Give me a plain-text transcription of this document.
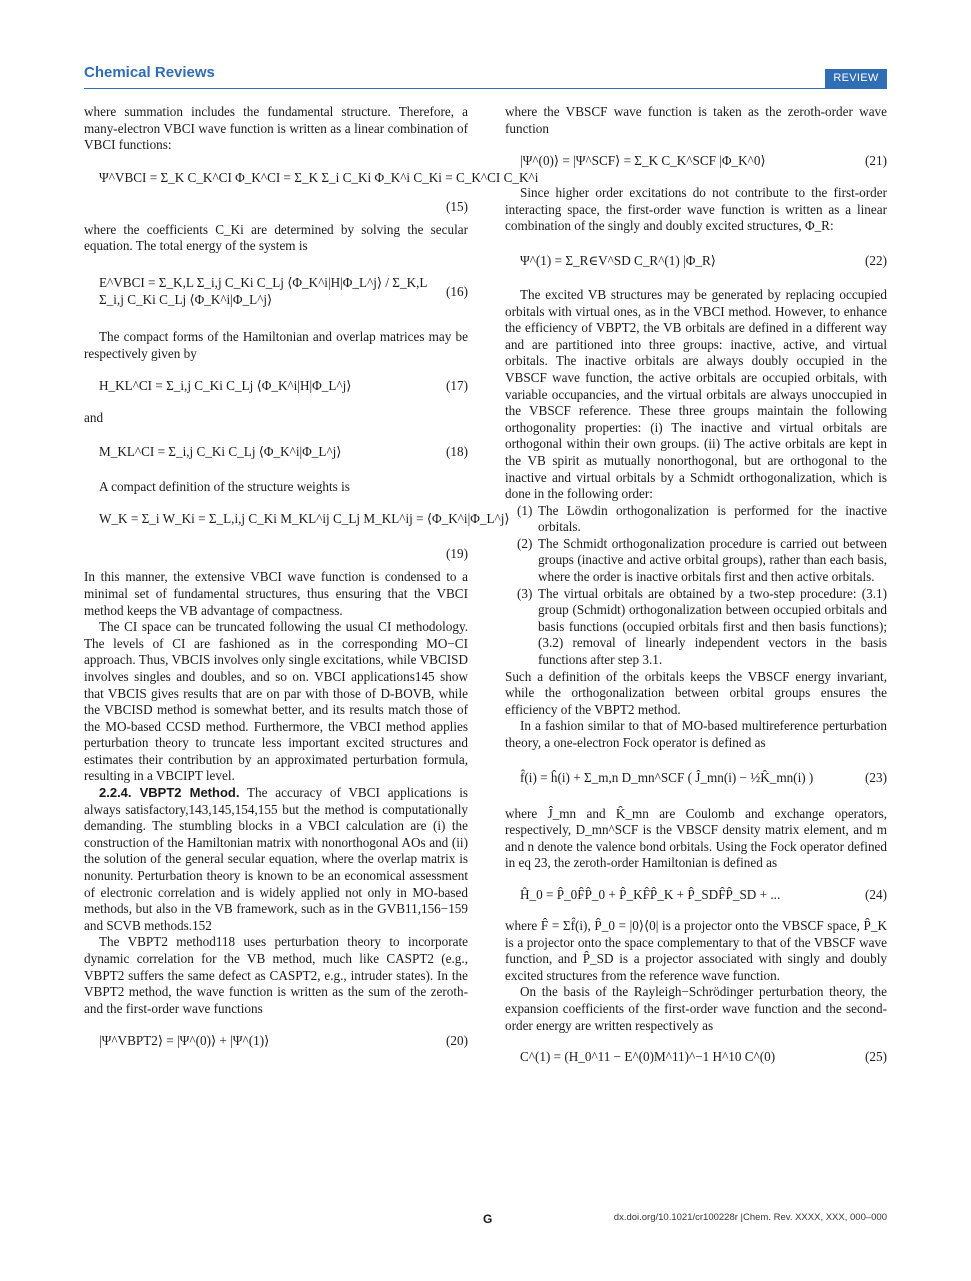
Chemical Reviews	REVIEW

where summation includes the fundamental structure. Therefore, a many-electron VBCI wave function is written as a linear combination of VBCI functions:

Ψ^VBCI = Σ_K C_K^CI Φ_K^CI = Σ_K Σ_i C_Ki Φ_K^i C_Ki = C_K^CI C_K^i
(15)

where the coefficients C_Ki are determined by solving the secular equation. The total energy of the system is

E^VBCI = Σ_K,L Σ_i,j C_Ki C_Lj ⟨Φ_K^i|H|Φ_L^j⟩ / Σ_K,L Σ_i,j C_Ki C_Lj ⟨Φ_K^i|Φ_L^j⟩
(16)

The compact forms of the Hamiltonian and overlap matrices may be respectively given by

H_KL^CI = Σ_i,j C_Ki C_Lj ⟨Φ_K^i|H|Φ_L^j⟩	(17)

and

M_KL^CI = Σ_i,j C_Ki C_Lj ⟨Φ_K^i|Φ_L^j⟩	(18)

A compact definition of the structure weights is

W_K = Σ_i W_Ki = Σ_L,i,j C_Ki M_KL^ij C_Lj M_KL^ij = ⟨Φ_K^i|Φ_L^j⟩
(19)

In this manner, the extensive VBCI wave function is condensed to a minimal set of fundamental structures, thus ensuring that the VBCI method keeps the VB advantage of compactness.

The CI space can be truncated following the usual CI methodology. The levels of CI are fashioned as in the corresponding MO−CI approach. Thus, VBCIS involves only single excitations, while VBCISD involves singles and doubles, and so on. VBCI applications145 show that VBCIS gives results that are on par with those of D-BOVB, while the VBCISD method is somewhat better, and its results match those of the MO-based CCSD method. Furthermore, the VBCI method applies perturbation theory to truncate less important excited structures and estimates their contribution by an approximated perturbation formula, resulting in a VBCIPT level.

2.2.4. VBPT2 Method. The accuracy of VBCI applications is always satisfactory,143,145,154,155 but the method is computationally demanding. The stumbling blocks in a VBCI calculation are (i) the construction of the Hamiltonian matrix with nonorthogonal AOs and (ii) the solution of the general secular equation, where the overlap matrix is nonunity. Perturbation theory is known to be an economical assessment of electronic correlation and is widely applied not only in MO-based methods, but also in the VB framework, such as in the GVB11,156−159 and SCVB methods.152

The VBPT2 method118 uses perturbation theory to incorporate dynamic correlation for the VB method, much like CASPT2 (e.g., VBPT2 suffers the same defect as CASPT2, e.g., intruder states). In the VBPT2 method, the wave function is written as the sum of the zeroth- and the first-order wave functions

|Ψ^VBPT2⟩ = |Ψ^(0)⟩ + |Ψ^(1)⟩	(20)

where the VBSCF wave function is taken as the zeroth-order wave function

|Ψ^(0)⟩ = |Ψ^SCF⟩ = Σ_K C_K^SCF |Φ_K^0⟩	(21)

Since higher order excitations do not contribute to the first-order interacting space, the first-order wave function is written as a linear combination of the singly and doubly excited structures, Φ_R:

Ψ^(1) = Σ_R∈V^SD C_R^(1) |Φ_R⟩	(22)

The excited VB structures may be generated by replacing occupied orbitals with virtual ones, as in the VBCI method. However, to enhance the efficiency of VBPT2, the VB orbitals are defined in a different way and are partitioned into three groups: inactive, active, and virtual orbitals. The inactive orbitals are always doubly occupied in the VBSCF wave function, the active orbitals are occupied orbitals, with variable occupancies, and the virtual orbitals are always unoccupied in the VBSCF reference. These three groups maintain the following orthogonality properties: (i) The inactive and virtual orbitals are orthogonal within their own groups. (ii) The active orbitals are kept in the VB spirit as mutually nonorthogonal, but are orthogonal to the inactive and virtual orbitals by a Schmidt orthogonalization, which is done in the following order:

(1) The Löwdin orthogonalization is performed for the inactive orbitals.
(2) The Schmidt orthogonalization procedure is carried out between groups (inactive and active orbital groups), rather than each basis, where the order is inactive orbitals first and then active orbitals.
(3) The virtual orbitals are obtained by a two-step procedure: (3.1) group (Schmidt) orthogonalization between occupied orbitals and basis functions (occupied orbitals first and then basis functions); (3.2) removal of linearly independent vectors in the basis functions after step 3.1.

Such a definition of the orbitals keeps the VBSCF energy invariant, while the orthogonalization between orbital groups ensures the efficiency of the VBPT2 method.

In a fashion similar to that of MO-based multireference perturbation theory, a one-electron Fock operator is defined as

f̂(i) = ĥ(i) + Σ_m,n D_mn^SCF ( Ĵ_mn(i) − ½K̂_mn(i) )	(23)

where Ĵ_mn and K̂_mn are Coulomb and exchange operators, respectively, D_mn^SCF is the VBSCF density matrix element, and m and n denote the valence bond orbitals. Using the Fock operator defined in eq 23, the zeroth-order Hamiltonian is defined as

Ĥ_0 = P̂_0F̂P̂_0 + P̂_KF̂P̂_K + P̂_SDF̂P̂_SD + ...	(24)

where F̂ = Σf̂(i), P̂_0 = |0⟩⟨0| is a projector onto the VBSCF space, P̂_K is a projector onto the space complementary to that of the VBSCF wave function, and P̂_SD is a projector associated with singly and doubly excited structures from the reference wave function.

On the basis of the Rayleigh−Schrödinger perturbation theory, the expansion coefficients of the first-order wave function and the second-order energy are written respectively as

C^(1) = (H_0^11 − E^(0)M^11)^−1 H^10 C^(0)	(25)
G	dx.doi.org/10.1021/cr100228r |Chem. Rev. XXXX, XXX, 000–000
